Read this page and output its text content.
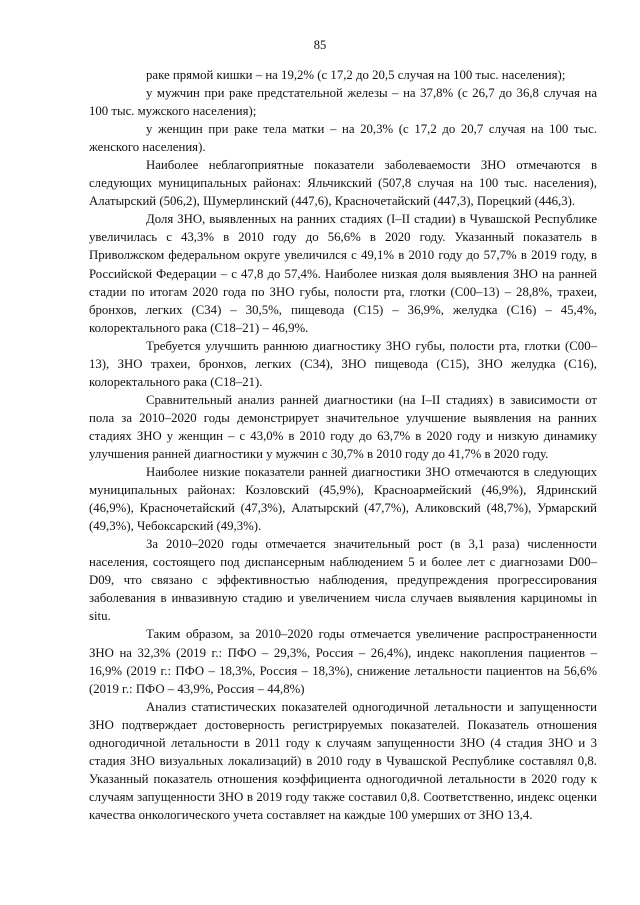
85

раке прямой кишки – на 19,2% (с 17,2 до 20,5 случая на 100 тыс. населения);

у мужчин при раке предстательной железы – на 37,8% (с 26,7 до 36,8 случая на 100 тыс. мужского населения);

у женщин при раке тела матки – на 20,3% (с 17,2 до 20,7 случая на 100 тыс. женского населения).

Наиболее неблагоприятные показатели заболеваемости ЗНО отмечаются в следующих муниципальных районах: Яльчикский (507,8 случая на 100 тыс. населения), Алатырский (506,2), Шумерлинский (447,6), Красночетайский (447,3), Порецкий (446,3).

Доля ЗНО, выявленных на ранних стадиях (I–II стадии) в Чувашской Республике увеличилась с 43,3% в 2010 году до 56,6% в 2020 году. Указанный показатель в Приволжском федеральном округе увеличился с 49,1% в 2010 году до 57,7% в 2019 году, в Российской Федерации – с 47,8 до 57,4%. Наиболее низкая доля выявления ЗНО на ранней стадии по итогам 2020 года по ЗНО губы, полости рта, глотки (С00–13) – 28,8%, трахеи, бронхов, легких (С34) – 30,5%, пищевода (С15) – 36,9%, желудка (С16) – 45,4%, колоректального рака (С18–21) – 46,9%.

Требуется улучшить раннюю диагностику ЗНО губы, полости рта, глотки (С00–13), ЗНО трахеи, бронхов, легких (С34), ЗНО пищевода (С15), ЗНО желудка (С16), колоректального рака (С18–21).

Сравнительный анализ ранней диагностики (на I–II стадиях) в зависимости от пола за 2010–2020 годы демонстрирует значительное улучшение выявления на ранних стадиях ЗНО у женщин – с 43,0% в 2010 году до 63,7% в 2020 году и низкую динамику улучшения ранней диагностики у мужчин с 30,7% в 2010 году до 41,7% в 2020 году.

Наиболее низкие показатели ранней диагностики ЗНО отмечаются в следующих муниципальных районах: Козловский (45,9%), Красноармейский (46,9%), Ядринский (46,9%), Красночетайский (47,3%), Алатырский (47,7%), Аликовский (48,7%), Урмарский (49,3%), Чебоксарский (49,3%).

За 2010–2020 годы отмечается значительный рост (в 3,1 раза) численности населения, состоящего под диспансерным наблюдением 5 и более лет с диагнозами D00–D09, что связано с эффективностью наблюдения, предупреждения прогрессирования заболевания в инвазивную стадию и увеличением числа случаев выявления карциномы in situ.

Таким образом, за 2010–2020 годы отмечается увеличение распространенности ЗНО на 32,3% (2019 г.: ПФО – 29,3%, Россия – 26,4%), индекс накопления пациентов – 16,9% (2019 г.: ПФО – 18,3%, Россия – 18,3%), снижение летальности пациентов на 56,6% (2019 г.: ПФО – 43,9%, Россия – 44,8%)

Анализ статистических показателей одногодичной летальности и запущенности ЗНО подтверждает достоверность регистрируемых показателей. Показатель отношения одногодичной летальности в 2011 году к случаям запущенности ЗНО (4 стадия ЗНО и 3 стадия ЗНО визуальных локализаций) в 2010 году в Чувашской Республике составлял 0,8. Указанный показатель отношения коэффициента одногодичной летальности в 2020 году к случаям запущенности ЗНО в 2019 году также составил 0,8. Соответственно, индекс оценки качества онкологического учета составляет на каждые 100 умерших от ЗНО 13,4.
